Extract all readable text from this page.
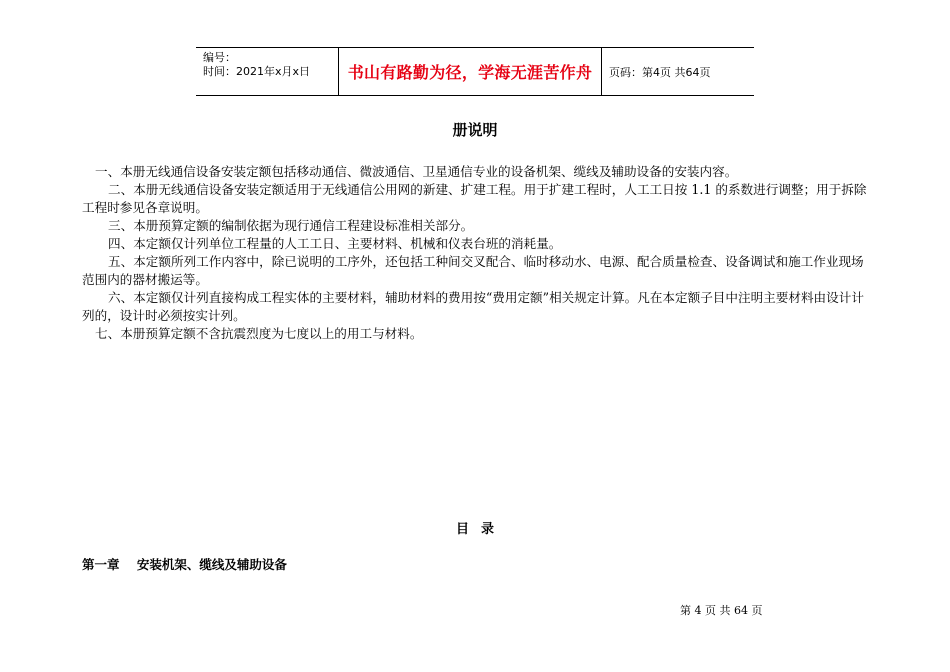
编号：
时间：2021年x月x日	书山有路勤为径，学海无涯苦作舟	页码：第4页 共64页
册说明

一、本册无线通信设备安装定额包括移动通信、微波通信、卫星通信专业的设备机架、缆线及辅助设备的安装内容。

二、本册无线通信设备安装定额适用于无线通信公用网的新建、扩建工程。用于扩建工程时，人工工日按 1.1 的系数进行调整；用于拆除工程时参见各章说明。

三、本册预算定额的编制依据为现行通信工程建设标准相关部分。

四、本定额仅计列单位工程量的人工工日、主要材料、机械和仪表台班的消耗量。

五、本定额所列工作内容中，除已说明的工序外，还包括工种间交叉配合、临时移动水、电源、配合质量检查、设备调试和施工作业现场范围内的器材搬运等。

六、本定额仅计列直接构成工程实体的主要材料，辅助材料的费用按“费用定额”相关规定计算。凡在本定额子目中注明主要材料由设计计列的，设计时必须按实计列。

七、本册预算定额不含抗震烈度为七度以上的用工与材料。

目录
第一章    安装机架、缆线及辅助设备
第 4 页 共 64 页
